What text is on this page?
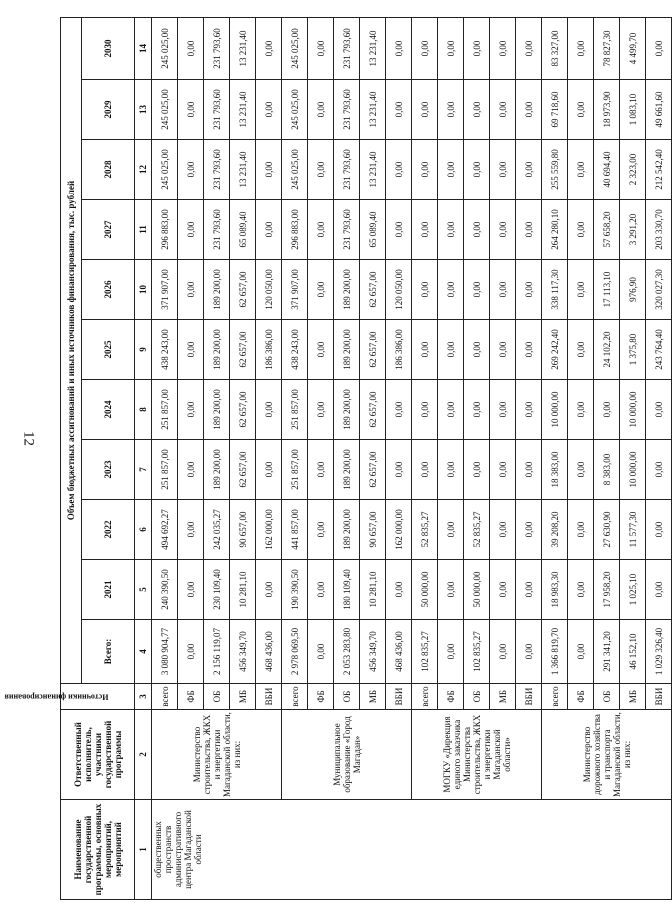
12
Наименование государственной программы, основных мероприятий, мероприятий	Ответственный исполнитель, участники государственной программы	Источники финансирования	Объем бюджетных ассигнований и иных источников финансирования, тыс. рублей										
			Всего:	2021	2022	2023	2024	2025	2026	2027	2028	2029	2030
1	2	3	4	5	6	7	8	9	10	11	12	13	14
общественных пространств административного центра Магаданской области	Министерство строительства, ЖКХ и энергетики Магаданской области, из них:	всего	3 080 904,77	240 390,50	494 692,27	251 857,00	251 857,00	438 243,00	371 907,00	296 883,00	245 025,00	245 025,00	245 025,00
		ФБ	0,00	0,00	0,00	0,00	0,00	0,00	0,00	0,00	0,00	0,00	0,00
		ОБ	2 156 119,07	230 109,40	242 035,27	189 200,00	189 200,00	189 200,00	189 200,00	231 793,60	231 793,60	231 793,60	231 793,60
		МБ	456 349,70	10 281,10	90 657,00	62 657,00	62 657,00	62 657,00	62 657,00	65 089,40	13 231,40	13 231,40	13 231,40
		ВБИ	468 436,00	0,00	162 000,00	0,00	0,00	186 386,00	120 050,00	0,00	0,00	0,00	0,00
	Муниципальное образование «Город Магадан»	всего	2 978 069,50	190 390,50	441 857,00	251 857,00	251 857,00	438 243,00	371 907,00	296 883,00	245 025,00	245 025,00	245 025,00
		ФБ	0,00	0,00	0,00	0,00	0,00	0,00	0,00	0,00	0,00	0,00	0,00
		ОБ	2 053 283,80	180 109,40	189 200,00	189 200,00	189 200,00	189 200,00	189 200,00	231 793,60	231 793,60	231 793,60	231 793,60
		МБ	456 349,70	10 281,10	90 657,00	62 657,00	62 657,00	62 657,00	62 657,00	65 089,40	13 231,40	13 231,40	13 231,40
		ВБИ	468 436,00	0,00	162 000,00	0,00	0,00	186 386,00	120 050,00	0,00	0,00	0,00	0,00
	МОГКУ «Дирекция единого заказчика Министерства строительства, ЖКХ и энергетики Магаданской области»	всего	102 835,27	50 000,00	52 835,27	0,00	0,00	0,00	0,00	0,00	0,00	0,00	0,00
		ФБ	0,00	0,00	0,00	0,00	0,00	0,00	0,00	0,00	0,00	0,00	0,00
		ОБ	102 835,27	50 000,00	52 835,27	0,00	0,00	0,00	0,00	0,00	0,00	0,00	0,00
		МБ	0,00	0,00	0,00	0,00	0,00	0,00	0,00	0,00	0,00	0,00	0,00
		ВБИ	0,00	0,00	0,00	0,00	0,00	0,00	0,00	0,00	0,00	0,00	0,00
	Министерство дорожного хозяйства и транспорта Магаданской области, из них:	всего	1 366 819,70	18 983,30	39 208,20	18 383,00	10 000,00	269 242,40	338 117,30	264 280,10	255 559,80	69 718,60	83 327,00
		ФБ	0,00	0,00	0,00	0,00	0,00	0,00	0,00	0,00	0,00	0,00	0,00
		ОБ	291 341,20	17 958,20	27 630,90	8 383,00	0,00	24 102,20	17 113,10	57 658,20	40 694,40	18 973,90	78 827,30
		МБ	46 152,10	1 025,10	11 577,30	10 000,00	10 000,00	1 375,80	976,90	3 291,20	2 323,00	1 083,10	4 499,70
		ВБИ	1 029 326,40	0,00	0,00	0,00	0,00	243 764,40	320 027,30	203 330,70	212 542,40	49 661,60	0,00
